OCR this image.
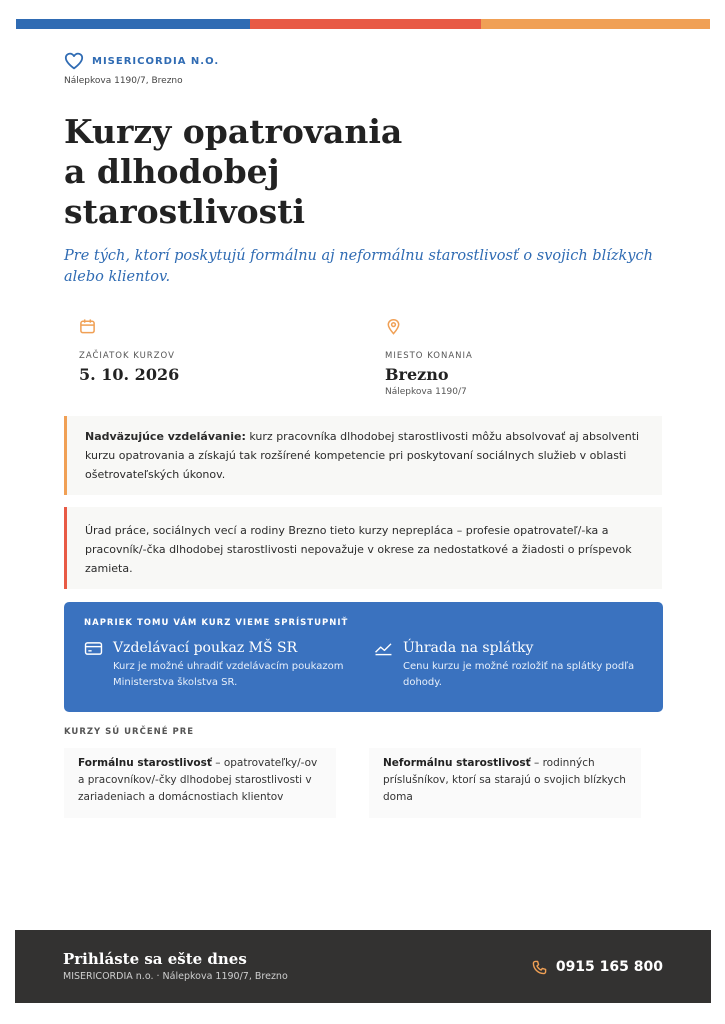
MISERICORDIA N.O.
Nálepkova 1190/7, Brezno
Kurzy opatrovania
a dlhodobej
starostlivosti

Pre tých, ktorí poskytujú formálnu aj neformálnu starostlivosť o svojich blízkych alebo klientov.

ZAČIATOK KURZOV
5. 10. 2026
MIESTO KONANIA
Brezno
Nálepkova 1190/7
Nadväzujúce vzdelávanie: kurz pracovníka dlhodobej starostlivosti môžu absolvovať aj absolventi kurzu opatrovania a získajú tak rozšírené kompetencie pri poskytovaní sociálnych služieb v oblasti ošetrovateľských úkonov.
Úrad práce, sociálnych vecí a rodiny Brezno tieto kurzy nepreplácа – profesie opatrovateľ/-ka a pracovník/-čka dlhodobej starostlivosti nepovažuje v okrese za nedostatkové a žiadosti o príspevok zamieta.
NAPRIEK TOMU VÁM KURZ VIEME SPRÍSTUPNIŤ
Vzdelávací poukaz MŠ SR
Kurz je možné uhradiť vzdelávacím poukazom Ministerstva školstva SR.
Úhrada na splátky
Cenu kurzu je možné rozložiť na splátky podľa dohody.
KURZY SÚ URČENÉ PRE
Formálnu starostlivosť – opatrovateľky/-ov a pracovníkov/-čky dlhodobej starostlivosti v zariadeniach a domácnostiach klientov
Neformálnu starostlivosť – rodinných príslušníkov, ktorí sa starajú o svojich blízkych doma
Prihláste sa ešte dnes
MISERICORDIA n.o. · Nálepkova 1190/7, Brezno
0915 165 800
